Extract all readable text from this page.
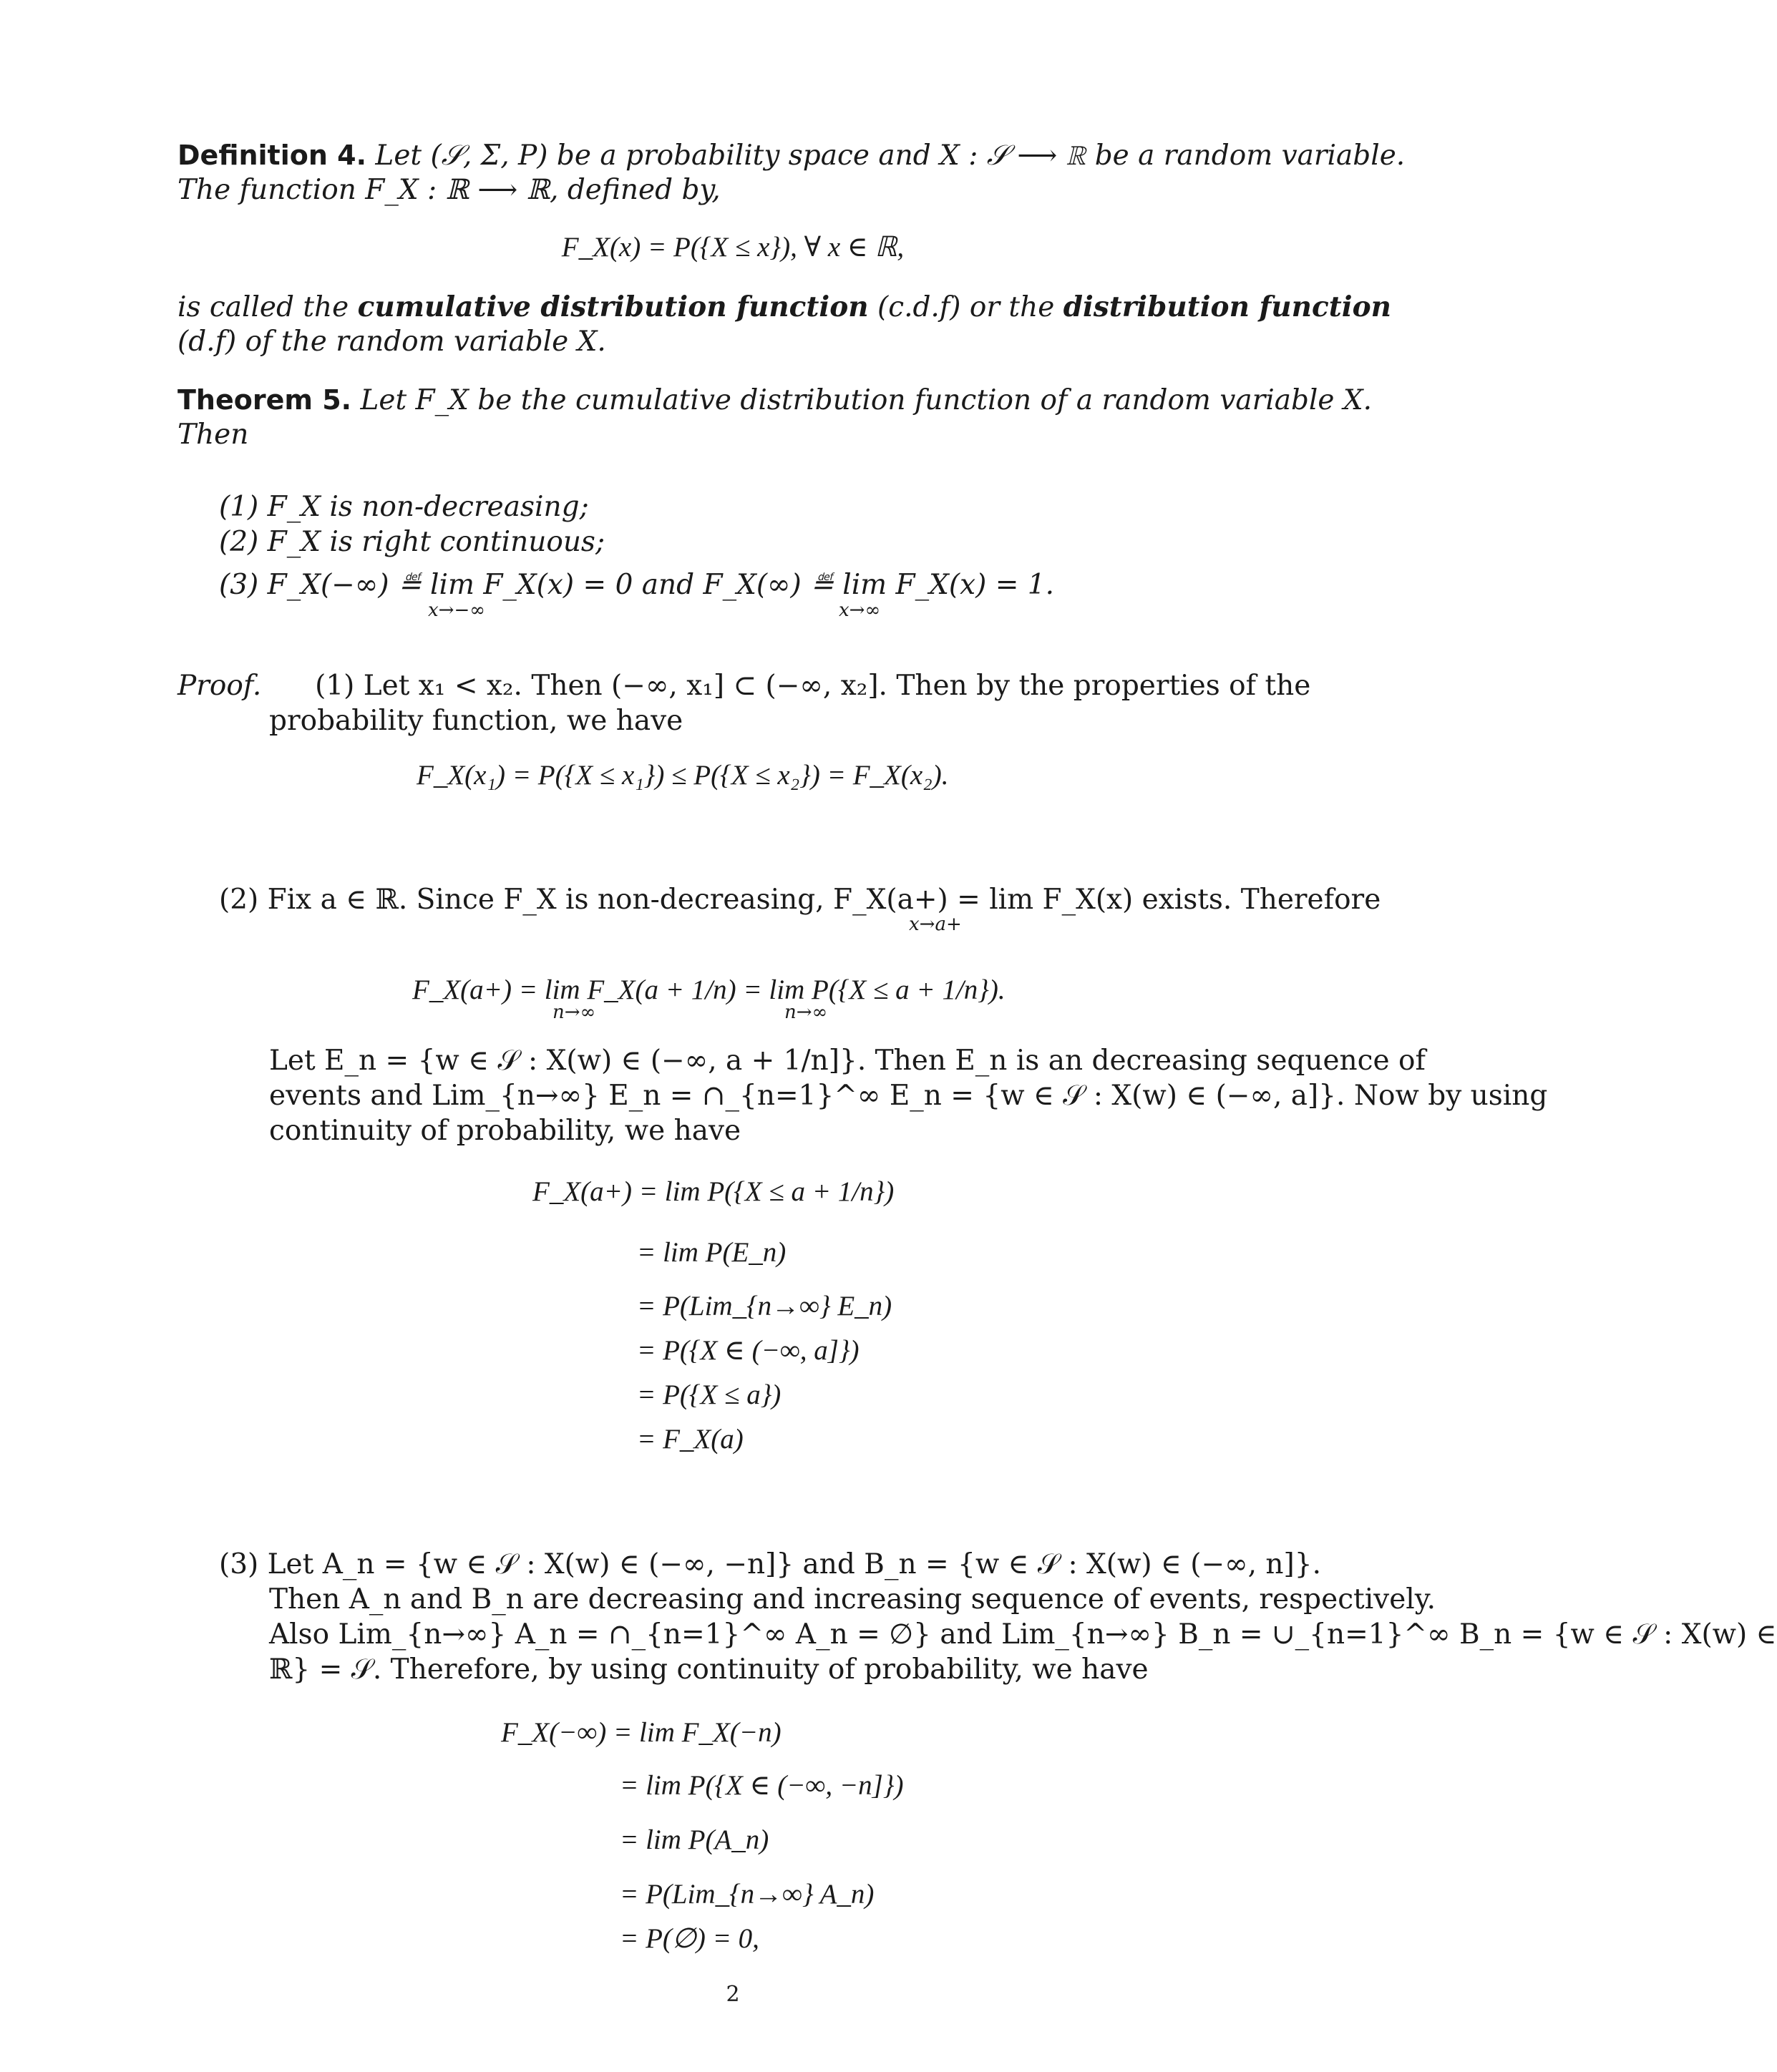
Definition 4. Let (𝒮, Σ, P) be a probability space and X : 𝒮 ⟶ ℝ be a random variable.
The function F_X : ℝ ⟶ ℝ, defined by,
F_X(x) = P({X ≤ x}), ∀ x ∈ ℝ,
is called the cumulative distribution function (c.d.f) or the distribution function
(d.f) of the random variable X.
Theorem 5. Let F_X be the cumulative distribution function of a random variable X.
Then
(1) F_X is non-decreasing;
(2) F_X is right continuous;
(3) F_X(−∞) ≝ lim F_X(x) = 0 and F_X(∞) ≝ lim F_X(x) = 1.
x→−∞	x→∞
Proof. (1) Let x₁ < x₂. Then (−∞, x₁] ⊂ (−∞, x₂]. Then by the properties of the
probability function, we have
F_X(x₁) = P({X ≤ x₁}) ≤ P({X ≤ x₂}) = F_X(x₂).
(2) Fix a ∈ ℝ. Since F_X is non-decreasing, F_X(a+) = lim F_X(x) exists. Therefore
x→a+
F_X(a+) = lim F_X(a + 1/n) = lim P({X ≤ a + 1/n}).
n→∞	n→∞
Let E_n = {w ∈ 𝒮 : X(w) ∈ (−∞, a + 1/n]}. Then E_n is an decreasing sequence of
events and Lim_{n→∞} E_n = ∩_{n=1}^∞ E_n = {w ∈ 𝒮 : X(w) ∈ (−∞, a]}. Now by using
continuity of probability, we have
F_X(a+) = lim P({X ≤ a + 1/n})
= lim P(E_n)
= P(Lim_{n→∞} E_n)
= P({X ∈ (−∞, a]})
= P({X ≤ a})
= F_X(a)
(3) Let A_n = {w ∈ 𝒮 : X(w) ∈ (−∞, −n]} and B_n = {w ∈ 𝒮 : X(w) ∈ (−∞, n]}.
Then A_n and B_n are decreasing and increasing sequence of events, respectively.
Also Lim_{n→∞} A_n = ∩_{n=1}^∞ A_n = ∅} and Lim_{n→∞} B_n = ∪_{n=1}^∞ B_n = {w ∈ 𝒮 : X(w) ∈
ℝ} = 𝒮. Therefore, by using continuity of probability, we have
F_X(−∞) = lim F_X(−n)
= lim P({X ∈ (−∞, −n]})
= lim P(A_n)
= P(Lim_{n→∞} A_n)
= P(∅) = 0,
2
